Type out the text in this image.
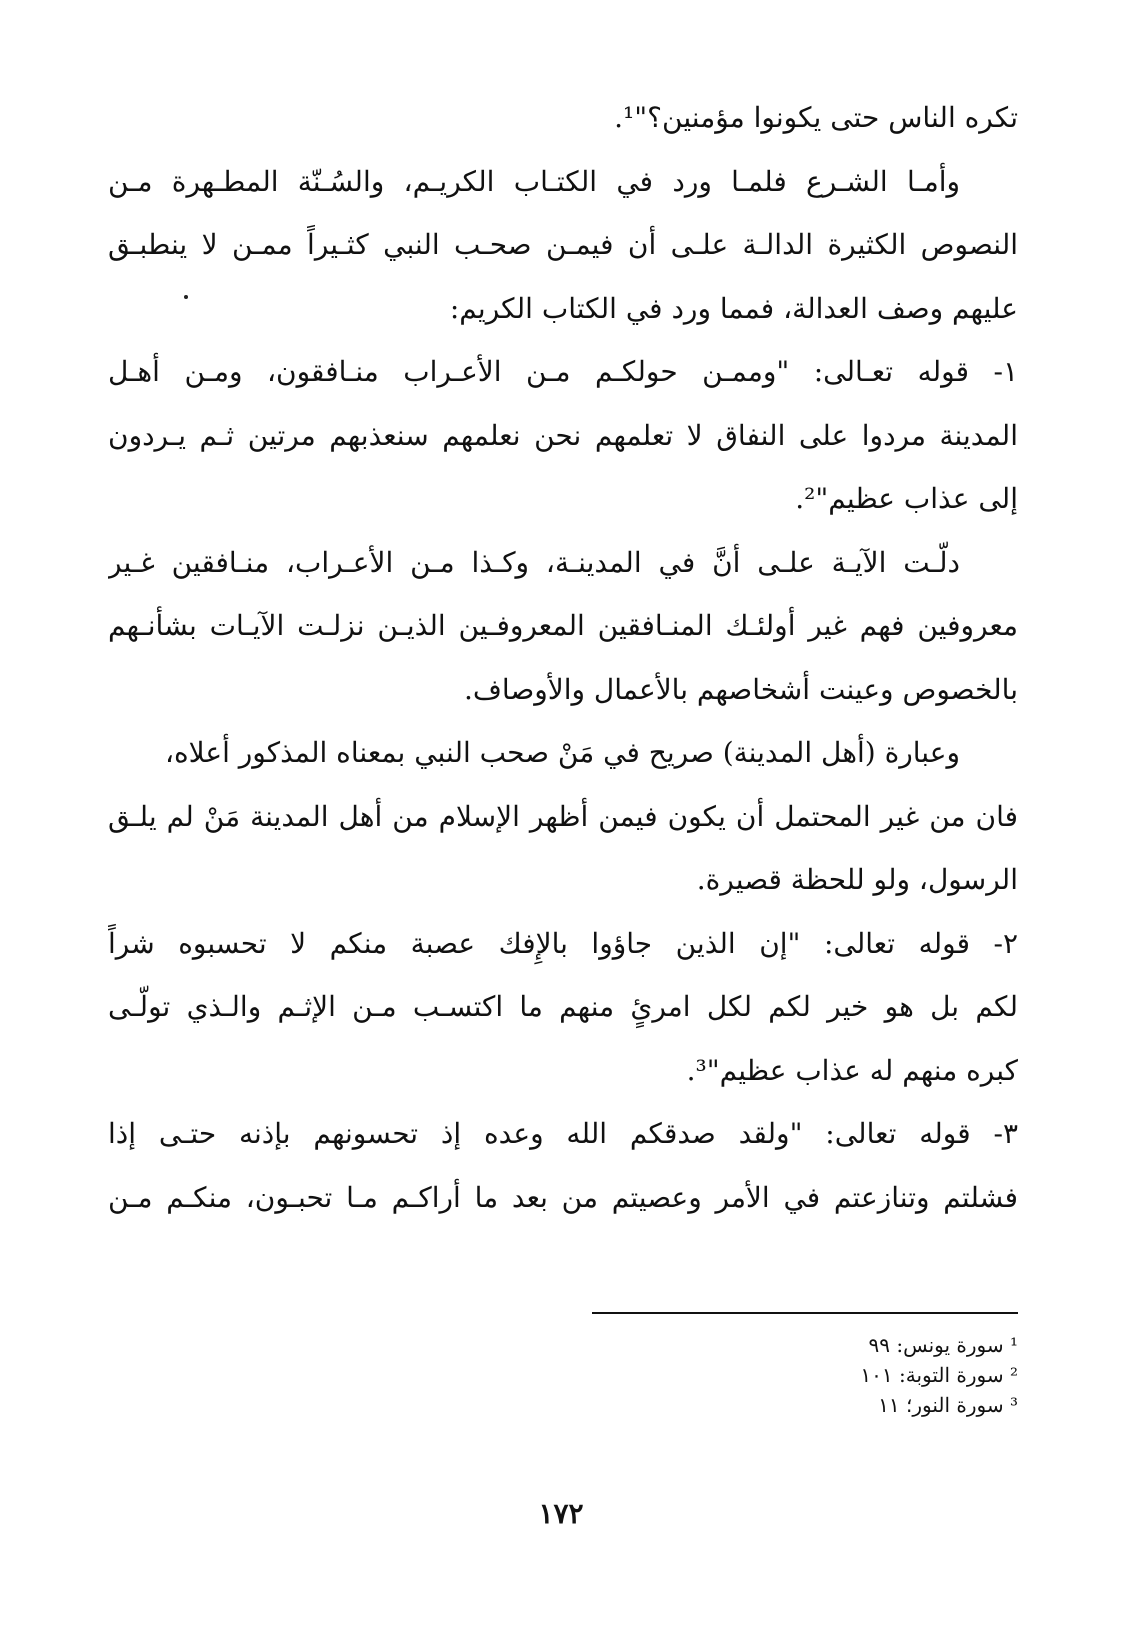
تكره الناس حتى يكونوا مؤمنين؟"¹.
وأمـا الشـرع فلمـا ورد في الكتـاب الكريـم، والسُـنّة المطـهرة مـن
النصوص الكثيرة الدالـة علـى أن فيمـن صحـب النبي كثـيراً ممـن لا ينطبـق
عليهم وصف العدالة، فمما ورد في الكتاب الكريم:
١- قوله تعـالى: "وممـن حولكـم مـن الأعـراب منـافقون، ومـن أهـل
المدينة مردوا على النفاق لا تعلمهم نحن نعلمهم سنعذبهم مرتين ثـم يـردون
إلى عذاب عظيم"².
دلّـت الآيـة علـى أنَّ في المدينـة، وكـذا مـن الأعـراب، منـافقين غـير
معروفين فهم غير أولئـك المنـافقين المعروفـين الذيـن نزلـت الآيـات بشأنـهم
بالخصوص وعينت أشخاصهم بالأعمال والأوصاف.
وعبارة (أهل المدينة) صريح في مَنْ صحب النبي بمعناه المذكور أعلاه،
فان من غير المحتمل أن يكون فيمن أظهر الإسلام من أهل المدينة مَنْ لم يلـق
الرسول، ولو للحظة قصيرة.
٢- قوله تعالى: "إن الذين جاؤوا بالإِفك عصبة منكم لا تحسبوه شراً
لكم بل هو خير لكم لكل امرئٍ منهم ما اكتسـب مـن الإثـم والـذي تولّـى
كبره منهم له عذاب عظيم"³.
٣- قوله تعالى: "ولقد صدقكم الله وعده إذ تحسونهم بإذنه حتـى إذا
فشلتم وتنازعتم في الأمر وعصيتم من بعد ما أراكـم مـا تحبـون، منكـم مـن
¹ سورة يونس: ٩٩
² سورة التوبة: ١٠١
³ سورة النور؛ ١١
١٧٢
